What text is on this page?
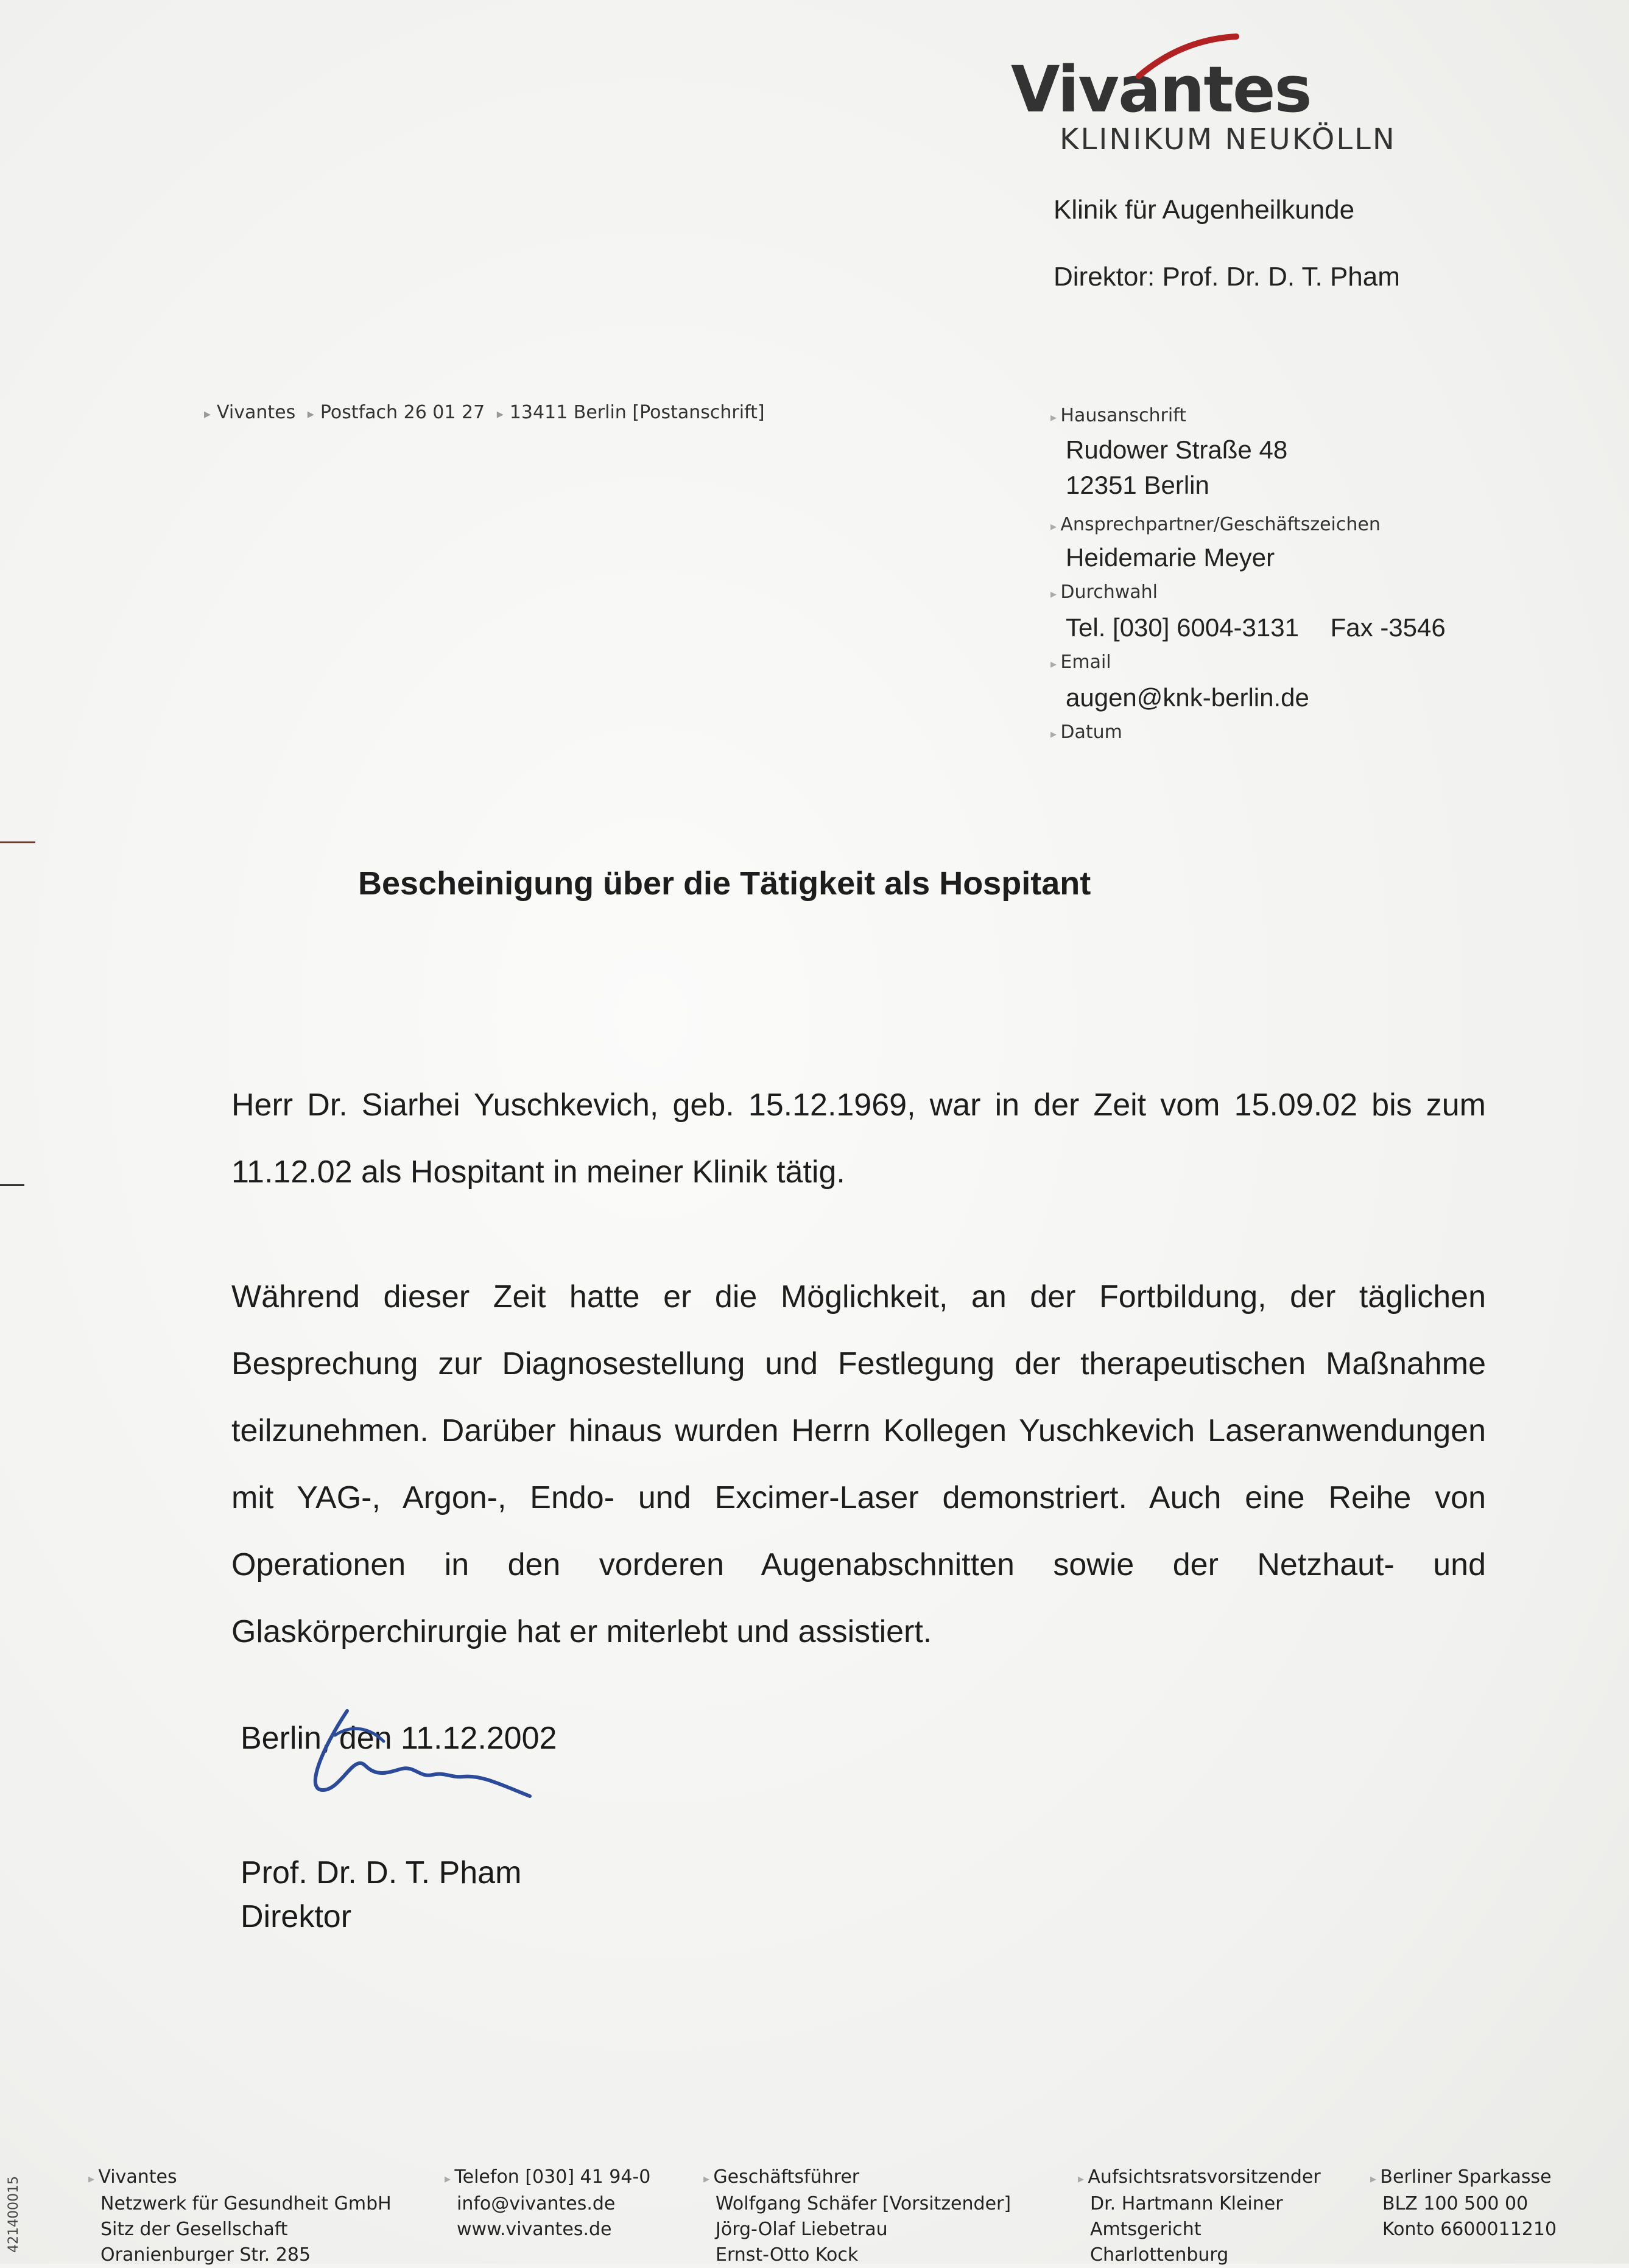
Vivantes
KLINIKUM NEUKÖLLN
Klinik für Augenheilkunde
Direktor: Prof. Dr. D. T. Pham
▸ Vivantes ▸ Postfach 26 01 27 ▸ 13411 Berlin [Postanschrift]
▸	Hausanschrift
Rudower Straße 48
12351 Berlin
▸ Ansprechpartner/Geschäftszeichen
Heidemarie Meyer
▸ Durchwahl
Tel. [030] 6004-3131 Fax -3546
▸ Email
augen@knk-berlin.de
▸ Datum
Bescheinigung über die Tätigkeit als Hospitant
Herr Dr. Siarhei Yuschkevich, geb. 15.12.1969, war in der Zeit vom 15.09.02 bis zum 11.12.02 als Hospitant in meiner Klinik tätig.
Während dieser Zeit hatte er die Möglichkeit, an der Fortbildung, der täglichen Besprechung zur Diagnosestellung und Festlegung der therapeutischen Maßnahme teilzunehmen. Darüber hinaus wurden Herrn Kollegen Yuschkevich Laseranwendungen mit YAG-, Argon-, Endo- und Excimer-Laser demonstriert. Auch eine Reihe von Operationen in den vorderen Augenabschnitten sowie der Netzhaut- und Glaskörperchirurgie hat er miterlebt und assistiert.
Berlin, den 11.12.2002
Prof. Dr. D. T. Pham
Direktor
▸ Vivantes
Netzwerk für Gesundheit GmbH
Sitz der Gesellschaft
Oranienburger Str. 285
▸ Telefon [030] 41 94-0
info@vivantes.de
www.vivantes.de
▸ Geschäftsführer
Wolfgang Schäfer [Vorsitzender]
Jörg-Olaf Liebetrau
Ernst-Otto Kock
▸ Aufsichtsratsvorsitzender
Dr. Hartmann Kleiner
Amtsgericht
Charlottenburg
▸ Berliner Sparkasse
BLZ 100 500 00
Konto 6600011210
421400015
